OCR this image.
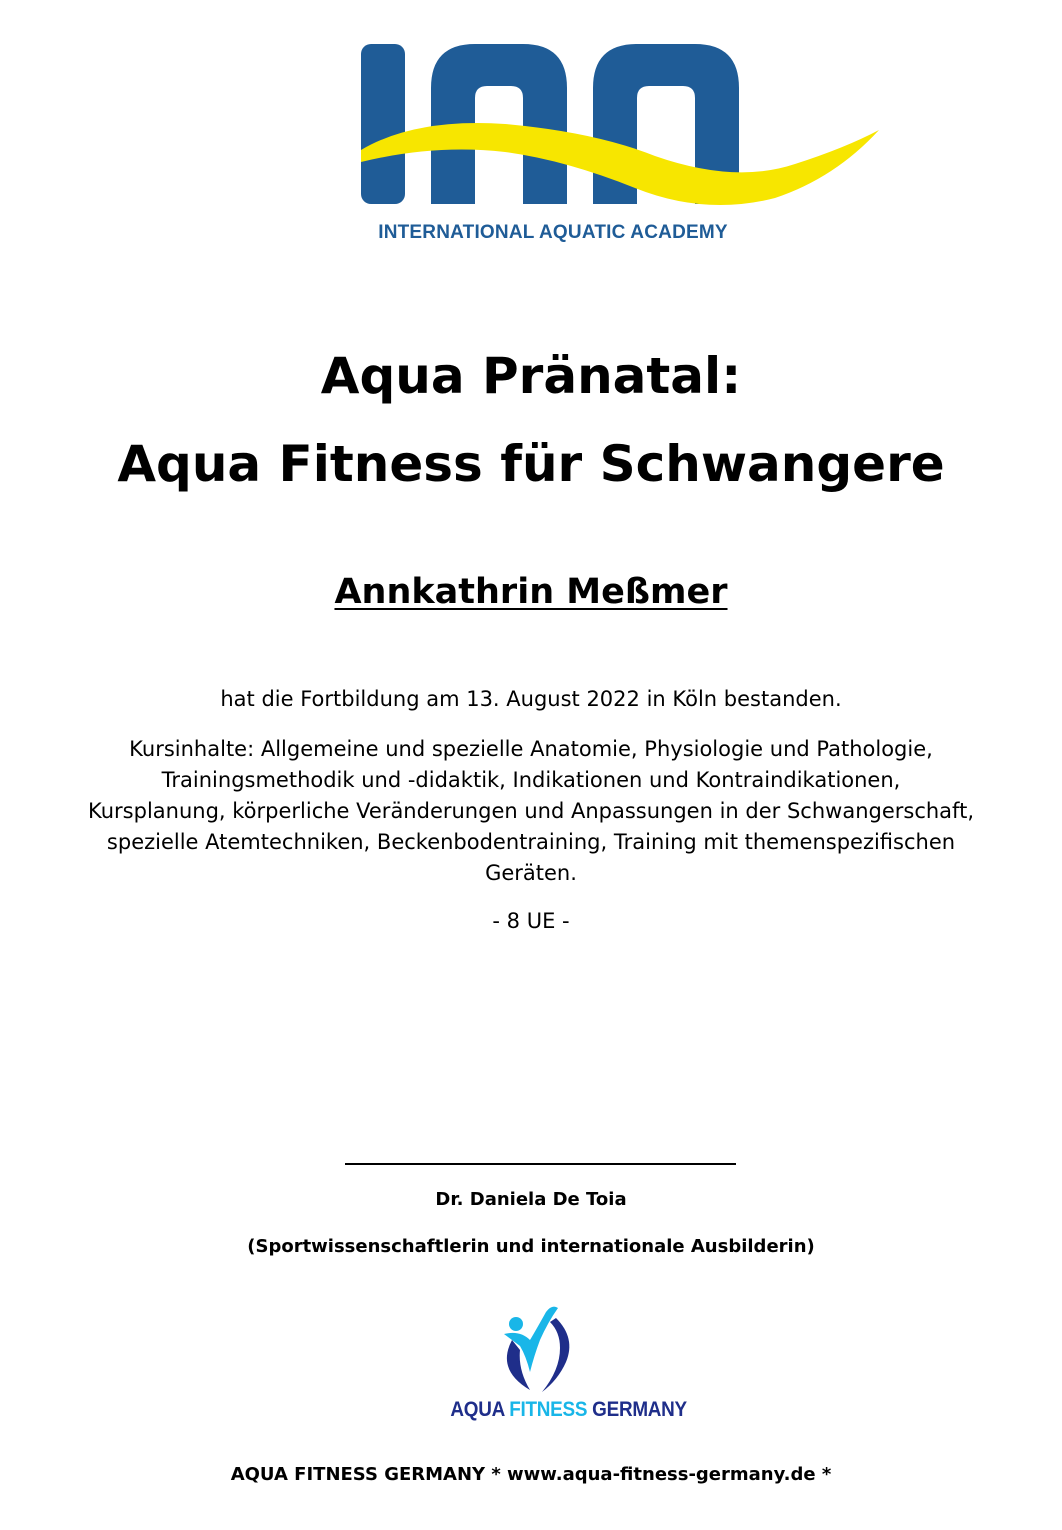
INTERNATIONAL AQUATIC ACADEMY
Aqua Pränatal:
Aqua Fitness für Schwangere
Annkathrin Meßmer
hat die Fortbildung am 13. August 2022 in Köln bestanden.
Kursinhalte: Allgemeine und spezielle Anatomie, Physiologie und Pathologie,
Trainingsmethodik und -didaktik, Indikationen und Kontraindikationen,
Kursplanung, körperliche Veränderungen und Anpassungen in der Schwangerschaft,
spezielle Atemtechniken, Beckenbodentraining, Training mit themenspezifischen
Geräten.
- 8 UE -
Dr. Daniela De Toia
(Sportwissenschaftlerin und internationale Ausbilderin)
AQUA FITNESS GERMANY
AQUA FITNESS GERMANY * www.aqua-fitness-germany.de *
